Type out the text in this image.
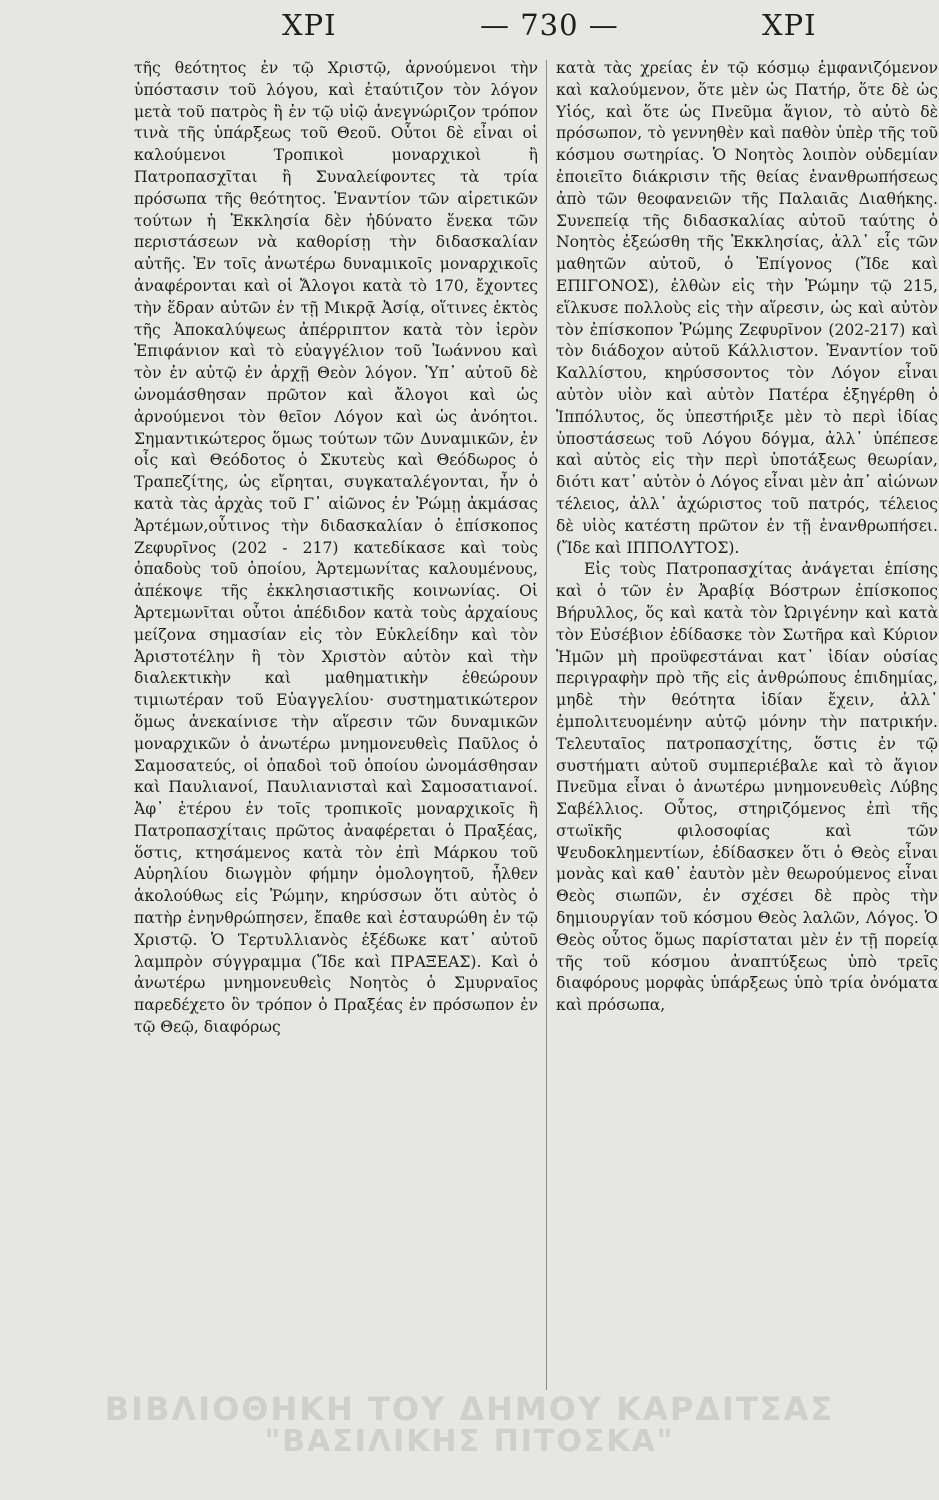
ΧΡΙ	— 730 —	ΧΡΙ

τῆς θεότητος ἐν τῷ Χριστῷ, ἀρνούμενοι τὴν ὑπόστασιν τοῦ λόγου, καὶ ἐταύτιζον τὸν λόγον μετὰ τοῦ πατρὸς ἢ ἐν τῷ υἱῷ ἀνεγνώριζον τρόπον τινὰ τῆς ὑπάρξεως τοῦ Θεοῦ. Οὗτοι δὲ εἶναι οἱ καλούμενοι Τροπικοὶ μοναρχικοὶ ἢ Πατροπασχῖται ἢ Συναλείφοντες τὰ τρία πρόσωπα τῆς θεότητος. Ἐναντίον τῶν αἱρετικῶν τούτων ἡ Ἐκκλησία δὲν ἠδύνατο ἕνεκα τῶν περιστάσεων νὰ καθορίσῃ τὴν διδασκαλίαν αὐτῆς. Ἐν τοῖς ἀνωτέρω δυναμικοῖς μοναρχικοῖς ἀναφέρονται καὶ οἱ Ἄλογοι κατὰ τὸ 170, ἔχοντες τὴν ἕδραν αὐτῶν ἐν τῇ Μικρᾷ Ἀσίᾳ, οἵτινες ἐκτὸς τῆς Ἀποκαλύψεως ἀπέρριπτον κατὰ τὸν ἱερὸν Ἐπιφάνιον καὶ τὸ εὐαγγέλιον τοῦ Ἰωάννου καὶ τὸν ἐν αὐτῷ ἐν ἀρχῇ Θεὸν λόγον. Ὑπ᾽ αὐτοῦ δὲ ὠνομάσθησαν πρῶτον καὶ ἄλογοι καὶ ὡς ἀρνούμενοι τὸν θεῖον Λόγον καὶ ὡς ἀνόητοι. Σημαντικώτερος ὅμως τούτων τῶν Δυναμικῶν, ἐν οἷς καὶ Θεόδοτος ὁ Σκυτεὺς καὶ Θεόδωρος ὁ Τραπεζίτης, ὡς εἴρηται, συγκαταλέγονται, ἦν ὁ κατὰ τὰς ἀρχὰς τοῦ Γ᾽ αἰῶνος ἐν Ῥώμῃ ἀκμάσας Ἀρτέμων,οὗτινος τὴν διδασκαλίαν ὁ ἐπίσκοπος Ζεφυρῖνος (202 - 217) κατεδίκασε καὶ τοὺς ὀπαδοὺς τοῦ ὁποίου, Ἀρτεμωνίτας καλουμένους, ἀπέκοψε τῆς ἐκκλησιαστικῆς κοινωνίας. Οἱ Ἀρτεμωνῖται οὗτοι ἀπέδιδον κατὰ τοὺς ἀρχαίους μείζονα σημασίαν εἰς τὸν Εὐκλείδην καὶ τὸν Ἀριστοτέλην ἢ τὸν Χριστὸν αὐτὸν καὶ τὴν διαλεκτικὴν καὶ μαθηματικὴν ἐθεώρουν τιμιωτέραν τοῦ Εὐαγγελίου· συστηματικώτερον ὅμως ἀνεκαίνισε τὴν αἵρεσιν τῶν δυναμικῶν μοναρχικῶν ὁ ἀνωτέρω μνημονευθεὶς Παῦλος ὁ Σαμοσατεύς, οἱ ὀπαδοὶ τοῦ ὁποίου ὠνομάσθησαν καὶ Παυλιανοί, Παυλιανισταὶ καὶ Σαμοσατιανοί. Ἀφ᾽ ἑτέρου ἐν τοῖς τροπικοῖς μοναρχικοῖς ἢ Πατροπασχίταις πρῶτος ἀναφέρεται ὁ Πραξέας, ὅστις, κτησάμενος κατὰ τὸν ἐπὶ Μάρκου τοῦ Αὐρηλίου διωγμὸν φήμην ὁμολογητοῦ, ἦλθεν ἀκολούθως εἰς Ῥώμην, κηρύσσων ὅτι αὐτὸς ὁ πατὴρ ἐνηνθρώπησεν, ἔπαθε καὶ ἐσταυρώθη ἐν τῷ Χριστῷ. Ὁ Τερτυλλιανὸς ἐξέδωκε κατ᾽ αὐτοῦ λαμπρὸν σύγγραμμα (Ἴδε καὶ ΠΡΑΞΕΑΣ). Καὶ ὁ ἀνωτέρω μνημονευθεὶς Νοητὸς ὁ Σμυρναῖος παρεδέχετο ὃν τρόπον ὁ Πραξέας ἐν πρόσωπον ἐν τῷ Θεῷ, διαφόρως

κατὰ τὰς χρείας ἐν τῷ κόσμῳ ἐμφανιζόμενον καὶ καλούμενον, ὅτε μὲν ὡς Πατήρ, ὅτε δὲ ὡς Υἱός, καὶ ὅτε ὡς Πνεῦμα ἅγιον, τὸ αὐτὸ δὲ πρόσωπον, τὸ γεννηθὲν καὶ παθὸν ὑπὲρ τῆς τοῦ κόσμου σωτηρίας. Ὁ Νοητὸς λοιπὸν οὐδεμίαν ἐποιεῖτο διάκρισιν τῆς θείας ἐνανθρωπήσεως ἀπὸ τῶν θεοφανειῶν τῆς Παλαιᾶς Διαθήκης. Συνεπείᾳ τῆς διδασκαλίας αὐτοῦ ταύτης ὁ Νοητὸς ἐξεώσθη τῆς Ἐκκλησίας, ἀλλ᾽ εἷς τῶν μαθητῶν αὐτοῦ, ὁ Ἐπίγονος (Ἴδε καὶ ΕΠΙΓΟΝΟΣ), ἐλθὼν εἰς τὴν Ῥώμην τῷ 215, εἵλκυσε πολλοὺς εἰς τὴν αἵρεσιν, ὡς καὶ αὐτὸν τὸν ἐπίσκοπον Ῥώμης Ζεφυρῖνον (202-217) καὶ τὸν διάδοχον αὐτοῦ Κάλλιστον. Ἐναντίον τοῦ Καλλίστου, κηρύσσοντος τὸν Λόγον εἶναι αὐτὸν υἱὸν καὶ αὐτὸν Πατέρα ἐξηγέρθη ὁ Ἱππόλυτος, ὅς ὑπεστήριξε μὲν τὸ περὶ ἰδίας ὑποστάσεως τοῦ Λόγου δόγμα, ἀλλ᾽ ὑπέπεσε καὶ αὐτὸς εἰς τὴν περὶ ὑποτάξεως θεωρίαν, διότι κατ᾽ αὐτὸν ὁ Λόγος εἶναι μὲν ἀπ᾽ αἰώνων τέλειος, ἀλλ᾽ ἀχώριστος τοῦ πατρός, τέλειος δὲ υἱὸς κατέστη πρῶτον ἐν τῇ ἐνανθρωπήσει. (Ἴδε καὶ ΙΠΠΟΛΥΤΟΣ).

Εἰς τοὺς Πατροπασχίτας ἀνάγεται ἐπίσης καὶ ὁ τῶν ἐν Ἀραβίᾳ Βόστρων ἐπίσκοπος Βήρυλλος, ὅς καὶ κατὰ τὸν Ὠριγένην καὶ κατὰ τὸν Εὐσέβιον ἐδίδασκε τὸν Σωτῆρα καὶ Κύριον Ἡμῶν μὴ προϋφεστάναι κατ᾽ ἰδίαν οὐσίας περιγραφὴν πρὸ τῆς εἰς ἀνθρώπους ἐπιδημίας, μηδὲ τὴν θεότητα ἰδίαν ἔχειν, ἀλλ᾽ ἐμπολιτευομένην αὐτῷ μόνην τὴν πατρικήν. Τελευταῖος πατροπασχίτης, ὅστις ἐν τῷ συστήματι αὐτοῦ συμπεριέβαλε καὶ τὸ ἅγιον Πνεῦμα εἶναι ὁ ἀνωτέρω μνημονευθεὶς Λύβης Σαβέλλιος. Οὗτος, στηριζόμενος ἐπὶ τῆς στωϊκῆς φιλοσοφίας καὶ τῶν Ψευδοκλημεντίων, ἐδίδασκεν ὅτι ὁ Θεὸς εἶναι μονὰς καὶ καθ᾽ ἑαυτὸν μὲν θεωρούμενος εἶναι Θεὸς σιωπῶν, ἐν σχέσει δὲ πρὸς τὴν δημιουργίαν τοῦ κόσμου Θεὸς λαλῶν, Λόγος. Ὁ Θεὸς οὗτος ὅμως παρίσταται μὲν ἐν τῇ πορείᾳ τῆς τοῦ κόσμου ἀναπτύξεως ὑπὸ τρεῖς διαφόρους μορφὰς ὑπάρξεως ὑπὸ τρία ὀνόματα καὶ πρόσωπα,

ΒΙΒΛΙΟΘΗΚΗ ΤΟΥ ΔΗΜΟΥ ΚΑΡΔΙΤΣΑΣ
"ΒΑΣΙΛΙΚΗΣ ΠΙΤΟΣΚΑ"
